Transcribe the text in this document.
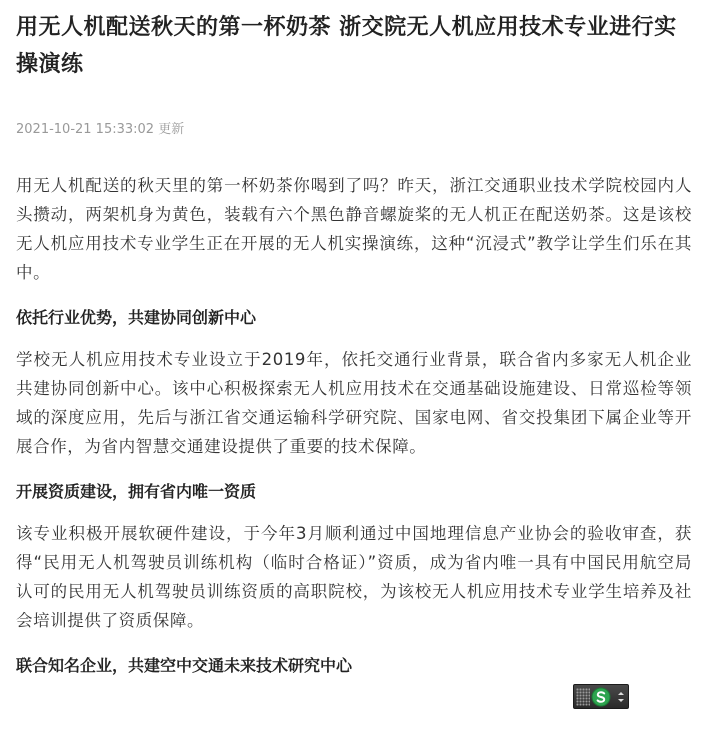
用无人机配送秋天的第一杯奶茶 浙交院无人机应用技术专业进行实操演练
2021-10-21 15:33:02 更新

用无人机配送的秋天里的第一杯奶茶你喝到了吗？昨天，浙江交通职业技术学院校园内人头攒动，两架机身为黄色，装载有六个黑色静音螺旋桨的无人机正在配送奶茶。这是该校无人机应用技术专业学生正在开展的无人机实操演练，这种“沉浸式”教学让学生们乐在其中。

依托行业优势，共建协同创新中心

学校无人机应用技术专业设立于2019年，依托交通行业背景，联合省内多家无人机企业共建协同创新中心。该中心积极探索无人机应用技术在交通基础设施建设、日常巡检等领域的深度应用，先后与浙江省交通运输科学研究院、国家电网、省交投集团下属企业等开展合作，为省内智慧交通建设提供了重要的技术保障。

开展资质建设，拥有省内唯一资质

该专业积极开展软硬件建设，于今年3月顺利通过中国地理信息产业协会的验收审查，获得“民用无人机驾驶员训练机构（临时合格证）”资质，成为省内唯一具有中国民用航空局认可的民用无人机驾驶员训练资质的高职院校，为该校无人机应用技术专业学生培养及社会培训提供了资质保障。

联合知名企业，共建空中交通未来技术研究中心
